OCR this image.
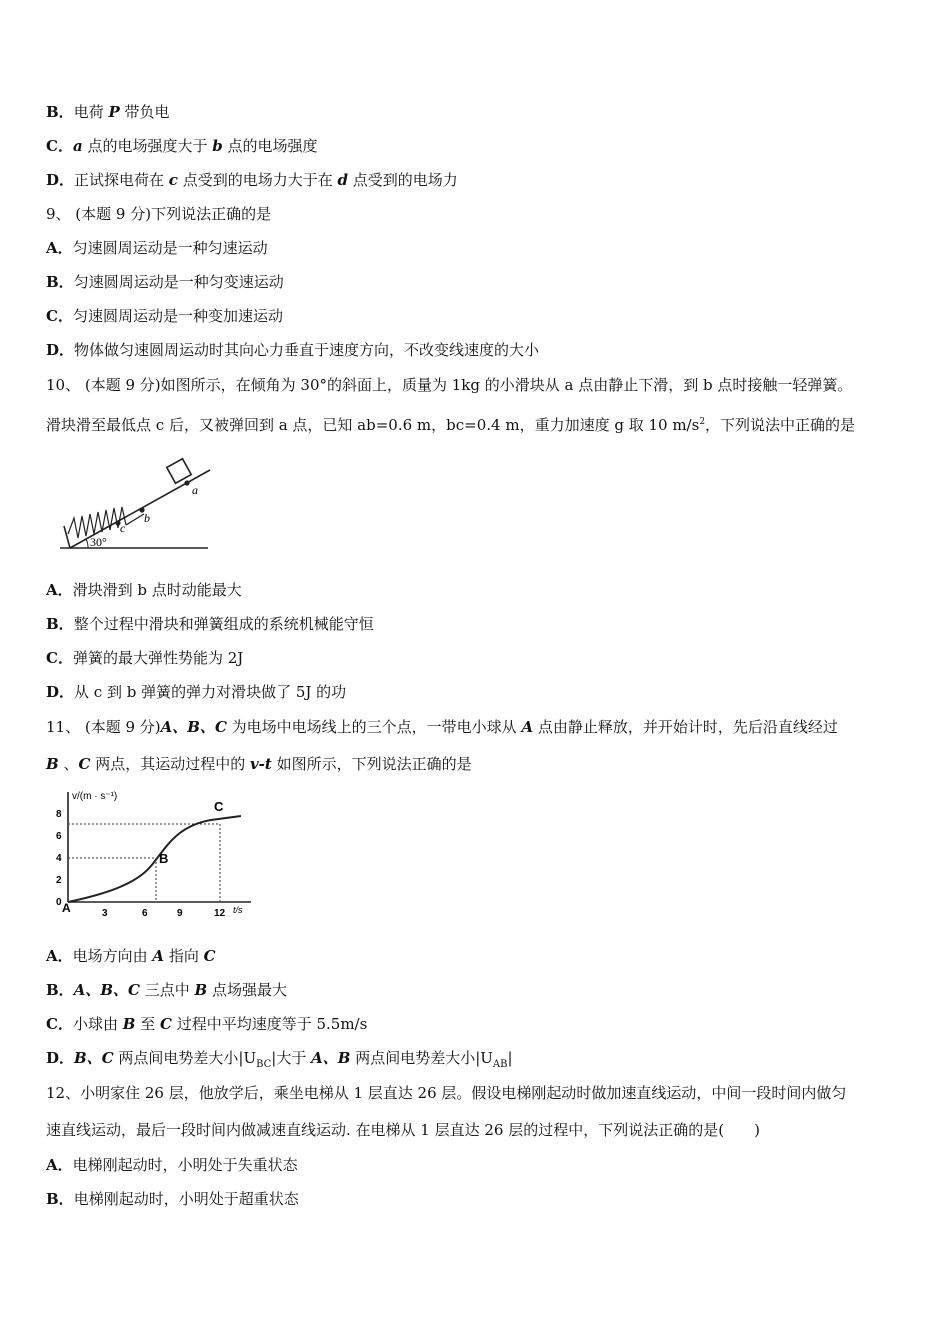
B．电荷 P 带负电
C．a 点的电场强度大于 b 点的电场强度
D．正试探电荷在 c 点受到的电场力大于在 d 点受到的电场力
9、 (本题 9 分)下列说法正确的是
A．匀速圆周运动是一种匀速运动
B．匀速圆周运动是一种匀变速运动
C．匀速圆周运动是一种变加速运动
D．物体做匀速圆周运动时其向心力垂直于速度方向，不改变线速度的大小
10、 (本题 9 分)如图所示，在倾角为 30°的斜面上，质量为 1kg 的小滑块从 a 点由静止下滑，到 b 点时接触一轻弹簧。
滑块滑至最低点 c 后，又被弹回到 a 点，已知 ab=0.6 m，bc=0.4 m，重力加速度 g 取 10 $m/s^2$，下列说法中正确的是
a
b
c
30°
A．滑块滑到 b 点时动能最大
B．整个过程中滑块和弹簧组成的系统机械能守恒
C．弹簧的最大弹性势能为 2J
D．从 c 到 b 弹簧的弹力对滑块做了 5J 的功
11、 (本题 9 分)A、B、C 为电场中电场线上的三个点，一带电小球从 A 点由静止释放，并开始计时，先后沿直线经过
B 、C 两点，其运动过程中的 v-t 如图所示，下列说法正确的是
v/(m · s⁻¹)
8
6
4
2
0
3	6	9	12 t/s
A
B
C
A．电场方向由 A 指向 C
B．A、B、C 三点中 B 点场强最大
C．小球由 B 至 C 过程中平均速度等于 5.5m/s
D．B、C 两点间电势差大小$|U_{BC}|$大于 A、B 两点间电势差大小$|U_{AB}|$
12、小明家住 26 层，他放学后，乘坐电梯从 1 层直达 26 层。假设电梯刚起动时做加速直线运动，中间一段时间内做匀
速直线运动，最后一段时间内做减速直线运动. 在电梯从 1 层直达 26 层的过程中，下列说法正确的是(　　)
A．电梯刚起动时，小明处于失重状态
B．电梯刚起动时，小明处于超重状态
